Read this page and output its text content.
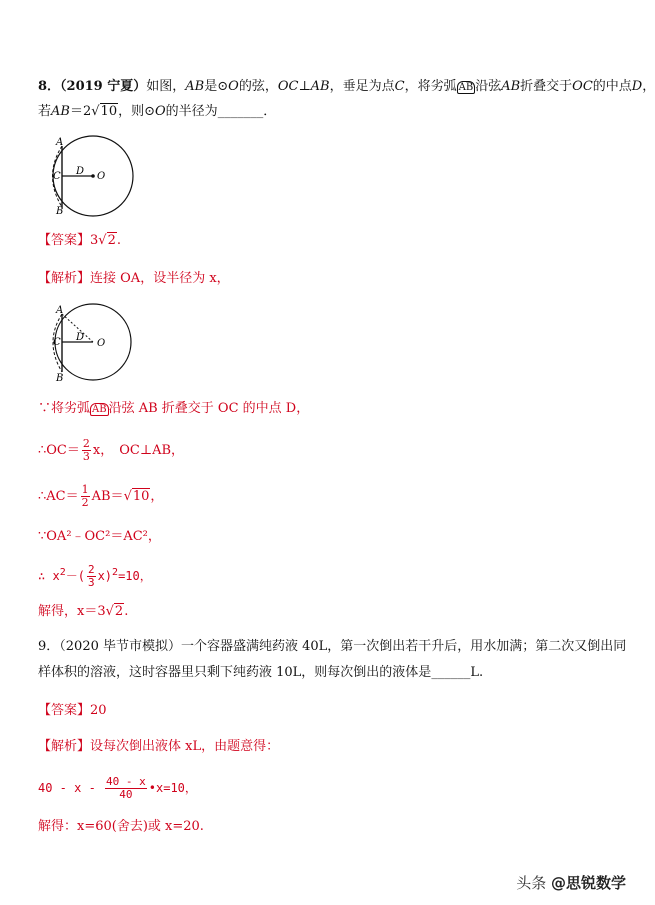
8．（2019 宁夏）如图，AB是⊙O的弦，OC⊥AB，垂足为点C，将劣弧 AB 沿弦AB折叠交于OC的中点D，
若AB＝2√10，则⊙O的半径为_______．
A
B
C D O
【答案】3√2.
【解析】连接 OA，设半径为 x，
A
B
C D
O
∵将劣弧 AB 沿弦 AB 折叠交于 OC 的中点 D，
∴OC＝ $\frac{2}{3}$ x， OC⊥AB，
∴AC＝ $\frac{1}{2} AB=√10$，
∵OA²﹣OC²＝AC²，
∴ $x^2-( \frac{2}{3} x)^2=10$，
解得，x＝3√2.
9．（2020 毕节市模拟）一个容器盛满纯药液 40L，第一次倒出若干升后，用水加满；第二次又倒出同
样体积的溶液，这时容器里只剩下纯药液 10L，则每次倒出的液体是______L.
【答案】20
【解析】设每次倒出液体 xL，由题意得：
40 - x - $\frac{40 - x}{40}$ •x=10，
解得：x=60(舍去)或 x=20.
头条 @思锐数学
